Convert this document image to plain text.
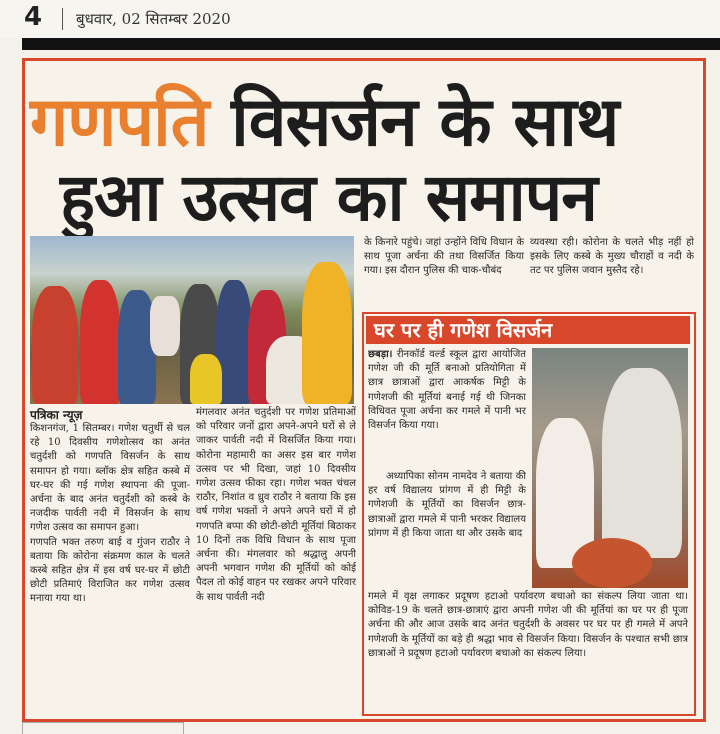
4 बुधवार, 02 सितम्बर 2020
गणपति विसर्जन के साथ
हुआ उत्सव का समापन
पत्रिका न्यूज़
किशनगंज, 1 सितम्बर। गणेश चतुर्थी से चल रहे 10 दिवसीय गणेशोत्सव का अनंत चतुर्दशी को गणपति विसर्जन के साथ समापन हो गया। ब्लॉक क्षेत्र सहित कस्बे में घर-घर की गई गणेश स्थापना की पूजा-अर्चना के बाद अनंत चतुर्दशी को कस्बे के नजदीक पार्वती नदी में विसर्जन के साथ गणेश उत्सव का समापन हुआ।
गणपति भक्त तरुण बाई व गुंजन राठौर ने बताया कि कोरोना संक्रमण काल के चलते कस्बे सहित क्षेत्र में इस वर्ष घर-घर में छोटी छोटी प्रतिमाएं विराजित कर गणेश उत्सव मनाया गया था।
मंगलवार अनंत चतुर्दशी पर गणेश प्रतिमाओं को परिवार जनों द्वारा अपने-अपने घरों से ले जाकर पार्वती नदी में विसर्जित किया गया। कोरोना महामारी का असर इस बार गणेश उत्सव पर भी दिखा, जहां 10 दिवसीय गणेश उत्सव फीका रहा। गणेश भक्त चंचल राठौर, निशांत व ध्रुव राठौर ने बताया कि इस वर्ष गणेश भक्तों ने अपने अपने घरों में हो गणपति बप्पा की छोटी-छोटी मूर्तियां बिठाकर 10 दिनों तक विधि विधान के साथ पूजा अर्चना की। मंगलवार को श्रद्धालु अपनी अपनी भगवान गणेश की मूर्तियों को कोई पैदल तो कोई वाहन पर रखकर अपने परिवार के साथ पार्वती नदी
के किनारे पहुंचे। जहां उन्होंने विधि विधान के साथ पूजा अर्चना की तथा विसर्जित किया गया। इस दौरान पुलिस की चाक-चौबंद
व्यवस्था रही। कोरोना के चलते भीड़ नहीं हो इसके लिए कस्बे के मुख्य चौराहों व नदी के तट पर पुलिस जवान मुस्तैद रहे।
घर पर ही गणेश विसर्जन
छबड़ा। रीनकॉर्ड वर्ल्ड स्कूल द्वारा आयोजित गणेश जी की मूर्ति बनाओ प्रतियोगिता में छात्र छात्राओं द्वारा आकर्षक मिट्टी के गणेशजी की मूर्तियां बनाई गई थी जिनका विधिवत पूजा अर्चना कर गमले में पानी भर विसर्जन किया गया।
अध्यापिका सोनम नामदेव ने बताया की हर वर्ष विद्यालय प्रांगण में ही मिट्टी के गणेशजी के मूर्तियों का विसर्जन छात्र-छात्राओं द्वारा गमले में पानी भरकर विद्यालय प्रांगण में ही किया जाता था और उसके बाद
गमले में वृक्ष लगाकर प्रदूषण हटाओ पर्यावरण बचाओ का संकल्प लिया जाता था। कोविड-19 के चलते छात्र-छात्राएं द्वारा अपनी गणेश जी की मूर्तियां का घर पर ही पूजा अर्चना की और आज उसके बाद अनंत चतुर्दशी के अवसर पर घर पर ही गमले में अपने गणेशजी के मूर्तियों का बड़े ही श्रद्धा भाव से विसर्जन किया। विसर्जन के पश्चात सभी छात्र छात्राओं ने प्रदूषण हटाओ पर्यावरण बचाओ का संकल्प लिया।
